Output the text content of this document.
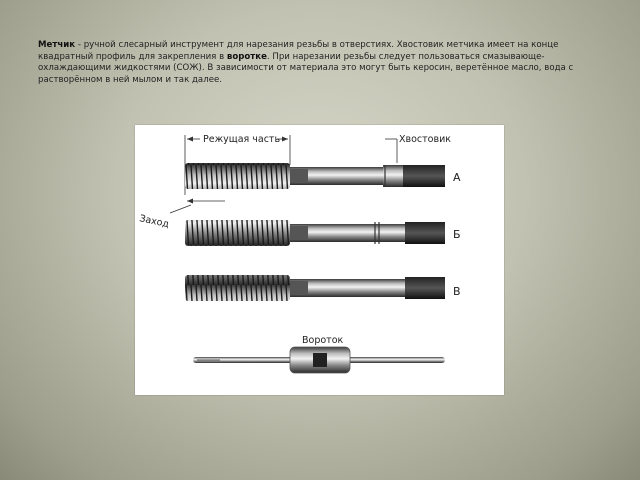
Метчик - ручной слесарный инструмент для нарезания резьбы в отверстиях. Хвостовик метчика имеет на конце квадратный профиль для закрепления в воротке. При нарезании резьбы следует пользоваться смазывающе-охлаждающими жидкостями (СОЖ). В зависимости от материала это могут быть керосин, веретённое масло, вода с растворённом в ней мылом и так далее.

Режущая часть	Хвостовик
Заход
А
Б
В
Вороток
